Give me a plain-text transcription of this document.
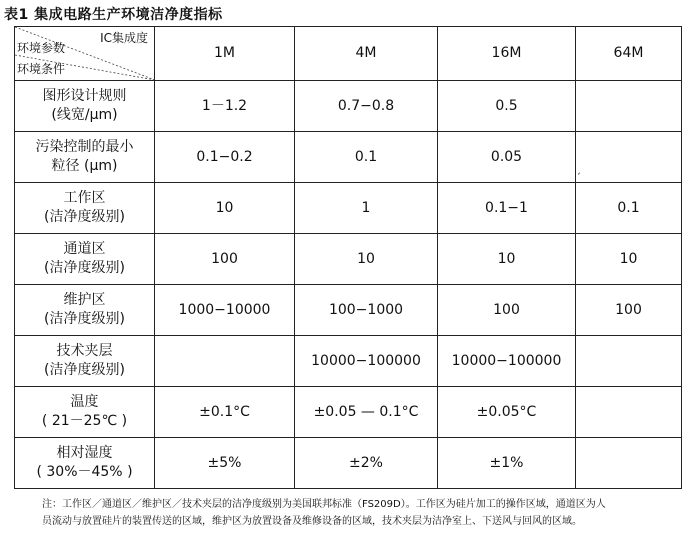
表1 集成电路生产环境洁净度指标
IC集成度
环境参数
环境条件	1M	4M	16M	64M

图形设计规则
(线宽/μm)	1－1.2	0.7−0.8	0.5	

污染控制的最小
粒径 (μm)	0.1−0.2	0.1	0.05	

工作区
(洁净度级别)	10	1	0.1−1	0.1

通道区
(洁净度级别)	100	10	10	10

维护区
(洁净度级别)	1000−10000	100−1000	100	100

技术夹层
(洁净度级别)		10000−100000	10000−100000	

温度
( 21－25℃ )	±0.1°C	±0.05 — 0.1°C	±0.05°C	

相对湿度
( 30%－45% )	±5%	±2%	±1%	
ˏ
注：工作区／通道区／维护区／技术夹层的洁净度级别为美国联邦标准（FS209D）。工作区为硅片加工的操作区域，通道区为人
员流动与放置硅片的装置传送的区域，维护区为放置设备及维修设备的区域，技术夹层为洁净室上、下送风与回风的区域。
